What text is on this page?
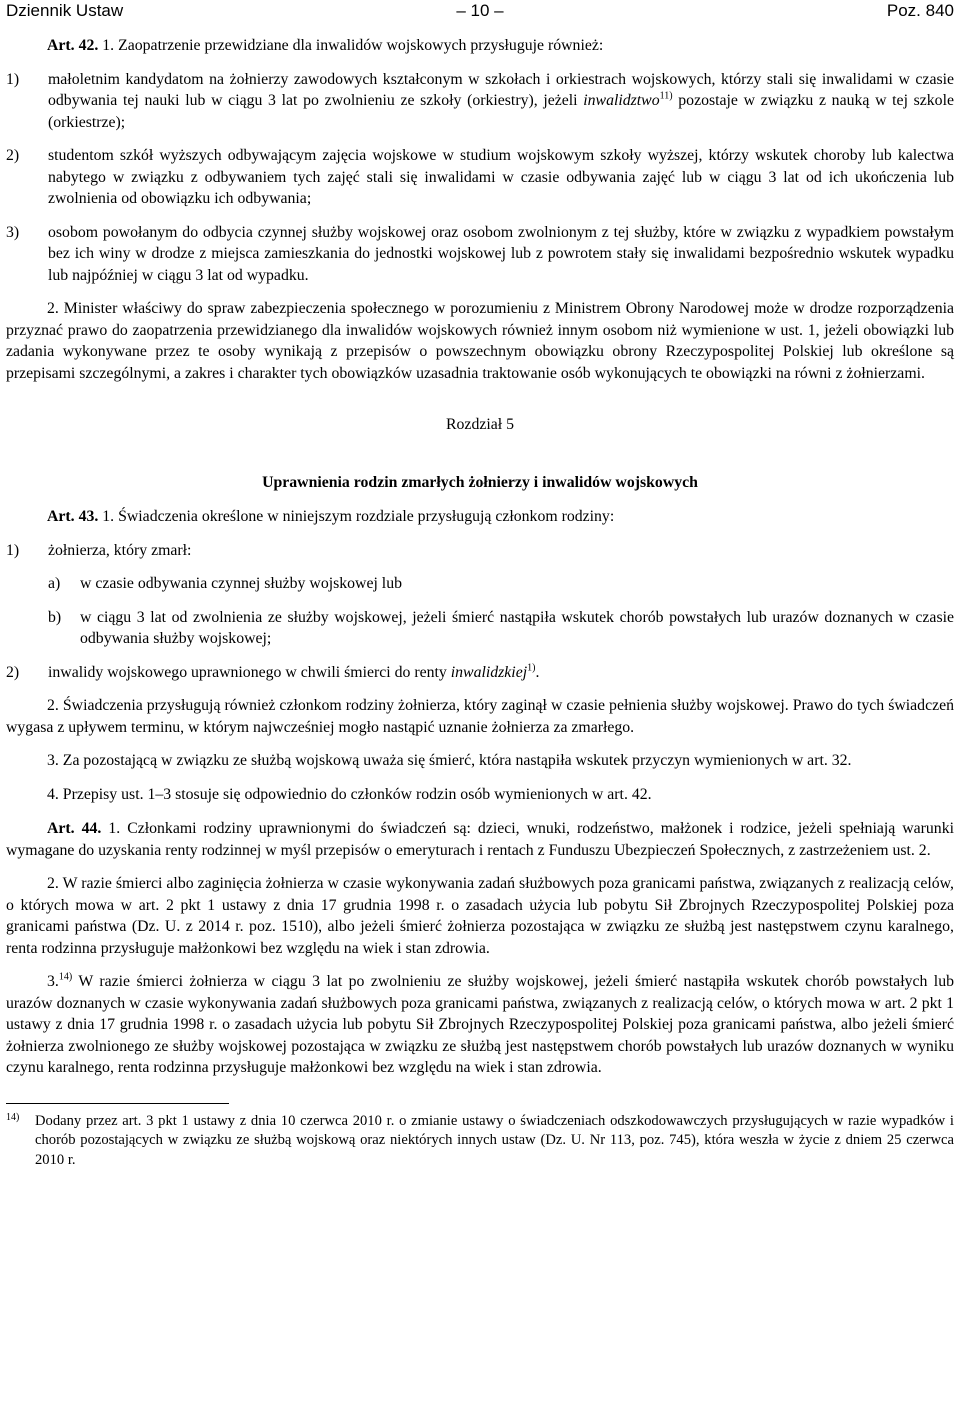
Dziennik Ustaw	– 10 –	Poz. 840

Art. 42. 1. Zaopatrzenie przewidziane dla inwalidów wojskowych przysługuje również:

1) małoletnim kandydatom na żołnierzy zawodowych kształconym w szkołach i orkiestrach wojskowych, którzy stali się inwalidami w czasie odbywania tej nauki lub w ciągu 3 lat po zwolnieniu ze szkoły (orkiestry), jeżeli inwalidztwo$^{11)}$ pozostaje w związku z nauką w tej szkole (orkiestrze);
2) studentom szkół wyższych odbywającym zajęcia wojskowe w studium wojskowym szkoły wyższej, którzy wskutek choroby lub kalectwa nabytego w związku z odbywaniem tych zajęć stali się inwalidami w czasie odbywania zajęć lub w ciągu 3 lat od ich ukończenia lub zwolnienia od obowiązku ich odbywania;
3) osobom powołanym do odbycia czynnej służby wojskowej oraz osobom zwolnionym z tej służby, które w związku z wypadkiem powstałym bez ich winy w drodze z miejsca zamieszkania do jednostki wojskowej lub z powrotem stały się inwalidami bezpośrednio wskutek wypadku lub najpóźniej w ciągu 3 lat od wypadku.

2. Minister właściwy do spraw zabezpieczenia społecznego w porozumieniu z Ministrem Obrony Narodowej może w drodze rozporządzenia przyznać prawo do zaopatrzenia przewidzianego dla inwalidów wojskowych również innym osobom niż wymienione w ust. 1, jeżeli obowiązki lub zadania wykonywane przez te osoby wynikają z przepisów o powszechnym obowiązku obrony Rzeczypospolitej Polskiej lub określone są przepisami szczególnymi, a zakres i charakter tych obowiązków uzasadnia traktowanie osób wykonujących te obowiązki na równi z żołnierzami.

Rozdział 5
Uprawnienia rodzin zmarłych żołnierzy i inwalidów wojskowych

Art. 43. 1. Świadczenia określone w niniejszym rozdziale przysługują członkom rodziny:

1) żołnierza, który zmarł:
a) w czasie odbywania czynnej służby wojskowej lub
b) w ciągu 3 lat od zwolnienia ze służby wojskowej, jeżeli śmierć nastąpiła wskutek chorób powstałych lub urazów doznanych w czasie odbywania służby wojskowej;
2) inwalidy wojskowego uprawnionego w chwili śmierci do renty inwalidzkiej$^{1)}$.

2. Świadczenia przysługują również członkom rodziny żołnierza, który zaginął w czasie pełnienia służby wojskowej. Prawo do tych świadczeń wygasa z upływem terminu, w którym najwcześniej mogło nastąpić uznanie żołnierza za zmarłego.

3. Za pozostającą w związku ze służbą wojskową uważa się śmierć, która nastąpiła wskutek przyczyn wymienionych w art. 32.

4. Przepisy ust. 1–3 stosuje się odpowiednio do członków rodzin osób wymienionych w art. 42.

Art. 44. 1. Członkami rodziny uprawnionymi do świadczeń są: dzieci, wnuki, rodzeństwo, małżonek i rodzice, jeżeli spełniają warunki wymagane do uzyskania renty rodzinnej w myśl przepisów o emeryturach i rentach z Funduszu Ubezpieczeń Społecznych, z zastrzeżeniem ust. 2.

2. W razie śmierci albo zaginięcia żołnierza w czasie wykonywania zadań służbowych poza granicami państwa, związanych z realizacją celów, o których mowa w art. 2 pkt 1 ustawy z dnia 17 grudnia 1998 r. o zasadach użycia lub pobytu Sił Zbrojnych Rzeczypospolitej Polskiej poza granicami państwa (Dz. U. z 2014 r. poz. 1510), albo jeżeli śmierć żołnierza pozostająca w związku ze służbą jest następstwem czynu karalnego, renta rodzinna przysługuje małżonkowi bez względu na wiek i stan zdrowia.

3.$^{14)}$ W razie śmierci żołnierza w ciągu 3 lat po zwolnieniu ze służby wojskowej, jeżeli śmierć nastąpiła wskutek chorób powstałych lub urazów doznanych w czasie wykonywania zadań służbowych poza granicami państwa, związanych z realizacją celów, o których mowa w art. 2 pkt 1 ustawy z dnia 17 grudnia 1998 r. o zasadach użycia lub pobytu Sił Zbrojnych Rzeczypospolitej Polskiej poza granicami państwa, albo jeżeli śmierć żołnierza zwolnionego ze służby wojskowej pozostająca w związku ze służbą jest następstwem chorób powstałych lub urazów doznanych w wyniku czynu karalnego, renta rodzinna przysługuje małżonkowi bez względu na wiek i stan zdrowia.

14) Dodany przez art. 3 pkt 1 ustawy z dnia 10 czerwca 2010 r. o zmianie ustawy o świadczeniach odszkodowawczych przysługujących w razie wypadków i chorób pozostających w związku ze służbą wojskową oraz niektórych innych ustaw (Dz. U. Nr 113, poz. 745), która weszła w życie z dniem 25 czerwca 2010 r.
